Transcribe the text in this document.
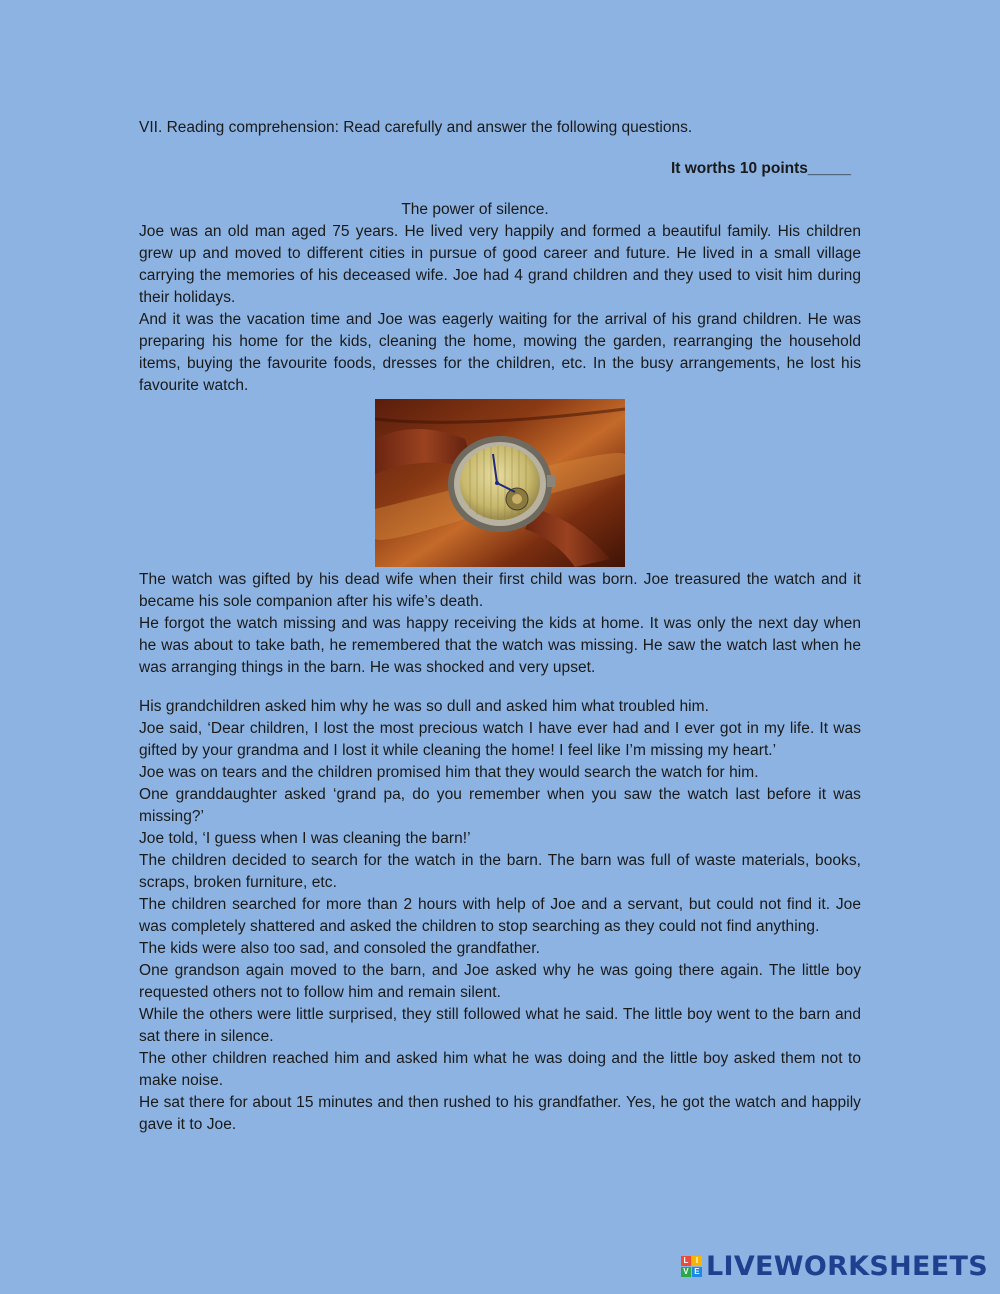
VII. Reading comprehension: Read carefully and answer the following questions.

It worths 10 points_____

The power of silence.

Joe was an old man aged 75 years. He lived very happily and formed a beautiful family. His children grew up and moved to different cities in pursue of good career and future. He lived in a small village carrying the memories of his deceased wife. Joe had 4 grand children and they used to visit him during their holidays.

And it was the vacation time and Joe was eagerly waiting for the arrival of his grand children. He was preparing his home for the kids, cleaning the home, mowing the garden, rearranging the household items, buying the favourite foods, dresses for the children, etc. In the busy arrangements, he lost his favourite watch.

The watch was gifted by his dead wife when their first child was born. Joe treasured the watch and it became his sole companion after his wife’s death.

He forgot the watch missing and was happy receiving the kids at home. It was only the next day when he was about to take bath, he remembered that the watch was missing. He saw the watch last when he was arranging things in the barn. He was shocked and very upset.

His grandchildren asked him why he was so dull and asked him what troubled him.

Joe said, ‘Dear children, I lost the most precious watch I have ever had and I ever got in my life. It was gifted by your grandma and I lost it while cleaning the home! I feel like I’m missing my heart.’

Joe was on tears and the children promised him that they would search the watch for him.

One granddaughter asked ‘grand pa, do you remember when you saw the watch last before it was missing?’

Joe told, ‘I guess when I was cleaning the barn!’

The children decided to search for the watch in the barn. The barn was full of waste materials, books, scraps, broken furniture, etc.

The children searched for more than 2 hours with help of Joe and a servant, but could not find it. Joe was completely shattered and asked the children to stop searching as they could not find anything.

The kids were also too sad, and consoled the grandfather.

One grandson again moved to the barn, and Joe asked why he was going there again. The little boy requested others not to follow him and remain silent.

While the others were little surprised, they still followed what he said. The little boy went to the barn and sat there in silence.

The other children reached him and asked him what he was doing and the little boy asked them not to make noise.

He sat there for about 15 minutes and then rushed to his grandfather. Yes, he got the watch and happily gave it to Joe.

L I
V E LIVEWORKSHEETS
